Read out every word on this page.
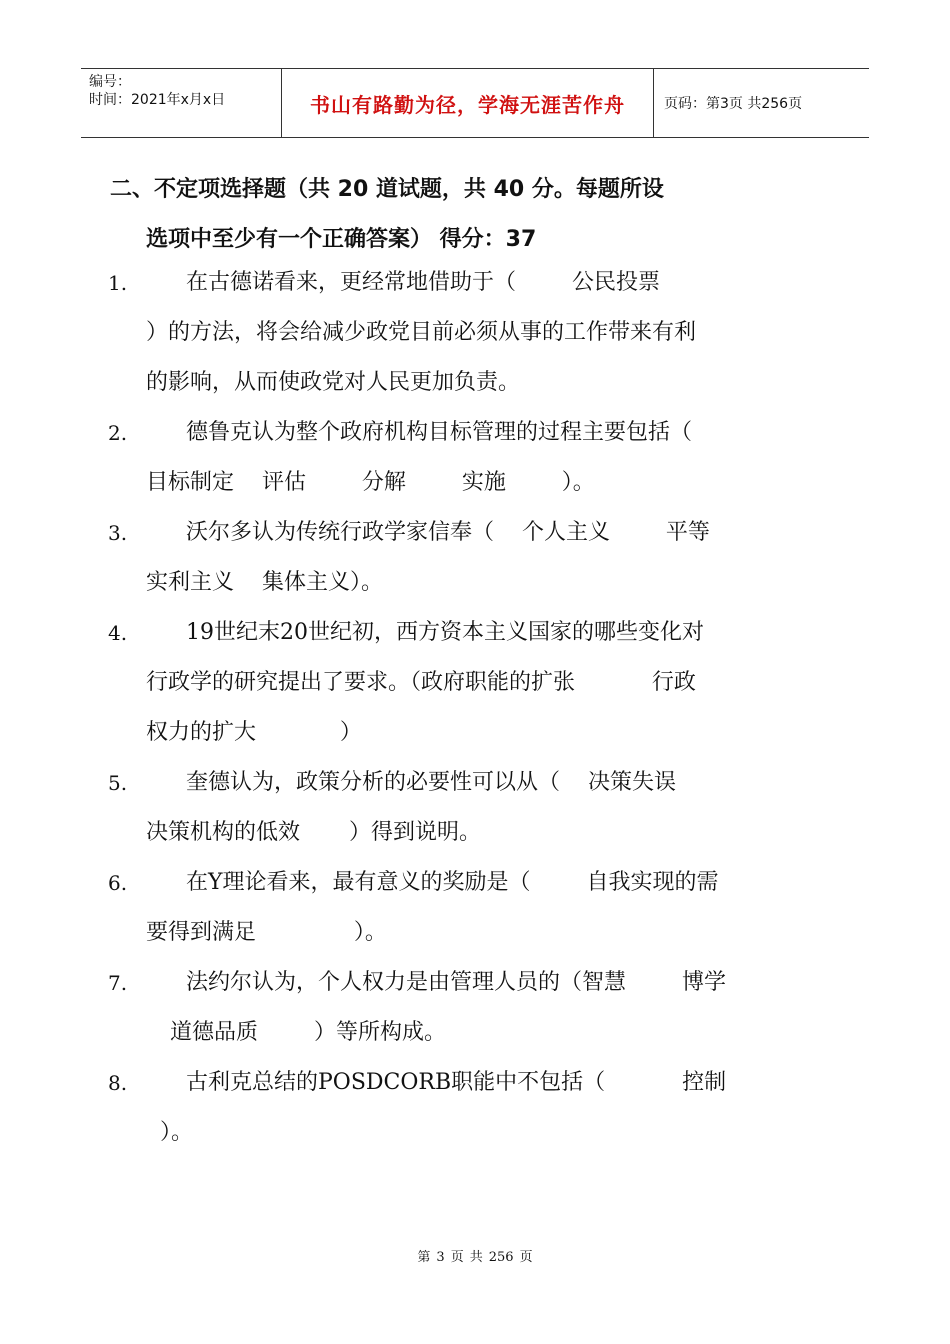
编号：
时间：2021年x月x日	书山有路勤为径，学海无涯苦作舟	页码：第3页 共256页
二、不定项选择题（共 20 道试题，共 40 分。每题所设
选项中至少有一个正确答案） 得分：37
1.	在古德诺看来，更经常地借助于（        公民投票
）的方法，将会给减少政党目前必须从事的工作带来有利
的影响，从而使政党对人民更加负责。
2.	德鲁克认为整个政府机构目标管理的过程主要包括（
目标制定    评估        分解        实施        ）。
3.	沃尔多认为传统行政学家信奉（    个人主义        平等
实利主义    集体主义）。
4.	19世纪末20世纪初，西方资本主义国家的哪些变化对
行政学的研究提出了要求。（政府职能的扩张           行政
权力的扩大            ）
5.	奎德认为，政策分析的必要性可以从（    决策失误
决策机构的低效       ）得到说明。
6.	在Y理论看来，最有意义的奖励是（        自我实现的需
要得到满足              ）。
7.	法约尔认为，个人权力是由管理人员的（智慧        博学
道德品质        ）等所构成。
8.	古利克总结的POSDCORB职能中不包括（           控制
）。
第 3 页 共 256 页
